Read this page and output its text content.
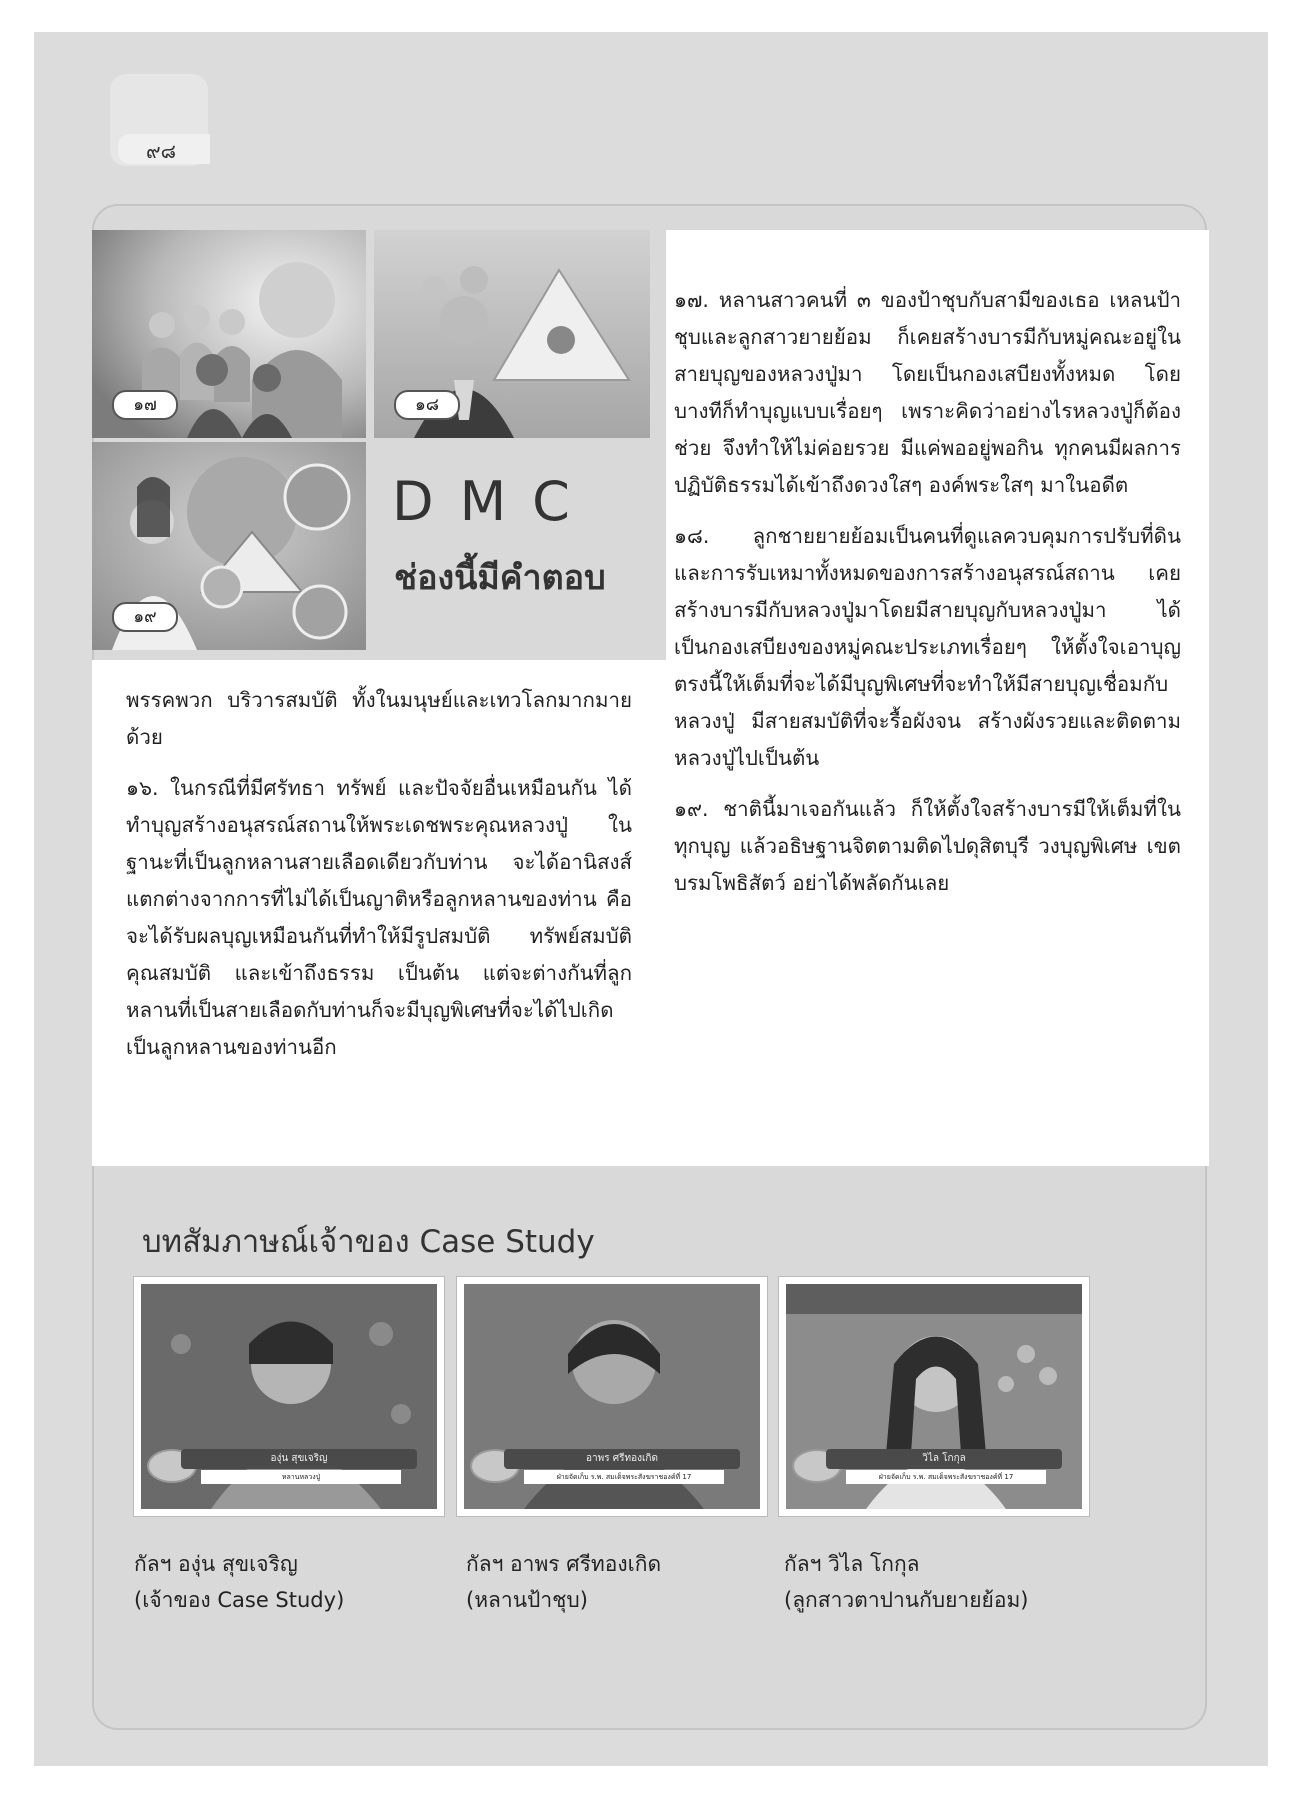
๙๘
๑๗	๑๘
๑๙
DMC
ช่องนี้มีคำตอบ

พรรคพวก บริวารสมบัติ ทั้งในมนุษย์และเทวโลกมากมายด้วย

๑๖. ในกรณีที่มีศรัทธา ทรัพย์ และปัจจัยอื่นเหมือนกัน ได้ทำบุญสร้างอนุสรณ์สถานให้พระเดชพระคุณหลวงปู่ ในฐานะที่เป็นลูกหลานสายเลือดเดียวกับท่าน จะได้อานิสงส์แตกต่างจากการที่ไม่ได้เป็นญาติหรือลูกหลานของท่าน คือ จะได้รับผลบุญเหมือนกันที่ทำให้มีรูปสมบัติ ทรัพย์สมบัติ คุณสมบัติ และเข้าถึงธรรม เป็นต้น แต่จะต่างกันที่ลูกหลานที่เป็นสายเลือดกับท่านก็จะมีบุญพิเศษที่จะได้ไปเกิดเป็นลูกหลานของท่านอีก

๑๗. หลานสาวคนที่ ๓ ของป้าชุบกับสามีของเธอ เหลนป้าชุบและลูกสาวยายย้อม ก็เคยสร้างบารมีกับหมู่คณะอยู่ในสายบุญของหลวงปู่มา โดยเป็นกองเสบียงทั้งหมด โดยบางทีก็ทำบุญแบบเรื่อยๆ เพราะคิดว่าอย่างไรหลวงปู่ก็ต้องช่วย จึงทำให้ไม่ค่อยรวย มีแค่พออยู่พอกิน ทุกคนมีผลการปฏิบัติธรรมได้เข้าถึงดวงใสๆ องค์พระใสๆ มาในอดีต

๑๘. ลูกชายยายย้อมเป็นคนที่ดูแลควบคุมการปรับที่ดินและการรับเหมาทั้งหมดของการสร้างอนุสรณ์สถาน เคยสร้างบารมีกับหลวงปู่มาโดยมีสายบุญกับหลวงปู่มา ได้เป็นกองเสบียงของหมู่คณะประเภทเรื่อยๆ ให้ตั้งใจเอาบุญตรงนี้ให้เต็มที่จะได้มีบุญพิเศษที่จะทำให้มีสายบุญเชื่อมกับหลวงปู่ มีสายสมบัติที่จะรื้อผังจน สร้างผังรวยและติดตามหลวงปู่ไปเป็นต้น

๑๙. ชาตินี้มาเจอกันแล้ว ก็ให้ตั้งใจสร้างบารมีให้เต็มที่ในทุกบุญ แล้วอธิษฐานจิตตามติดไปดุสิตบุรี วงบุญพิเศษ เขตบรมโพธิสัตว์ อย่าได้พลัดกันเลย

บทสัมภาษณ์เจ้าของ Case Study
องุ่น สุขเจริญ
หลานหลวงปู่
อาพร ศรีทองเกิด
ฝ่ายจัดเก็บ ร.พ. สมเด็จพระสังฆราชองค์ที่ 17
วิไล โกกุล
ฝ่ายจัดเก็บ ร.พ. สมเด็จพระสังฆราชองค์ที่ 17
กัลฯ องุ่น สุขเจริญ
(เจ้าของ Case Study)
กัลฯ อาพร ศรีทองเกิด
(หลานป้าชุบ)
กัลฯ วิไล โกกุล
(ลูกสาวตาปานกับยายย้อม)
